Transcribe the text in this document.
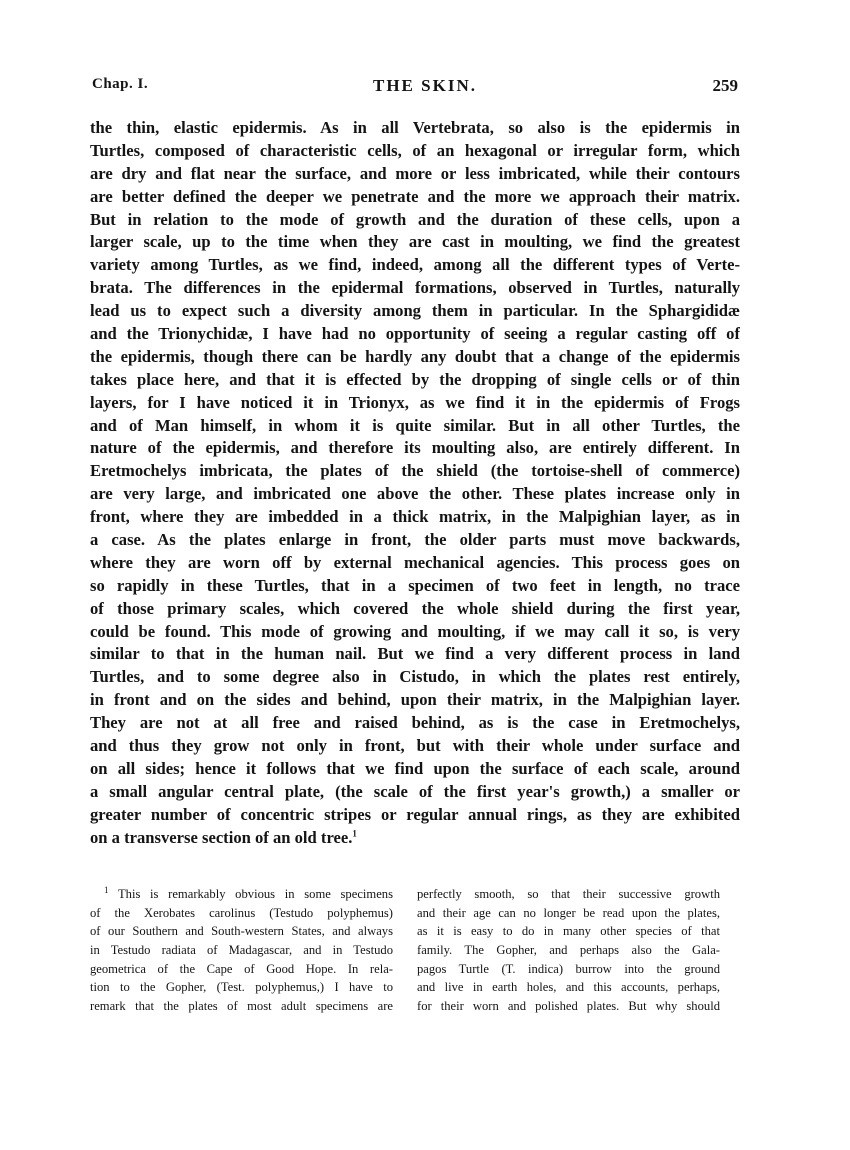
Chap. I.	THE SKIN.	259
the thin, elastic epidermis. As in all Vertebrata, so also is the epidermis in
Turtles, composed of characteristic cells, of an hexagonal or irregular form, which
are dry and flat near the surface, and more or less imbricated, while their contours
are better defined the deeper we penetrate and the more we approach their matrix.
But in relation to the mode of growth and the duration of these cells, upon a
larger scale, up to the time when they are cast in moulting, we find the greatest
variety among Turtles, as we find, indeed, among all the different types of Verte-
brata. The differences in the epidermal formations, observed in Turtles, naturally
lead us to expect such a diversity among them in particular. In the Sphargididæ
and the Trionychidæ, I have had no opportunity of seeing a regular casting off of
the epidermis, though there can be hardly any doubt that a change of the epidermis
takes place here, and that it is effected by the dropping of single cells or of thin
layers, for I have noticed it in Trionyx, as we find it in the epidermis of Frogs
and of Man himself, in whom it is quite similar. But in all other Turtles, the
nature of the epidermis, and therefore its moulting also, are entirely different. In
Eretmochelys imbricata, the plates of the shield (the tortoise-shell of commerce)
are very large, and imbricated one above the other. These plates increase only in
front, where they are imbedded in a thick matrix, in the Malpighian layer, as in
a case. As the plates enlarge in front, the older parts must move backwards,
where they are worn off by external mechanical agencies. This process goes on
so rapidly in these Turtles, that in a specimen of two feet in length, no trace
of those primary scales, which covered the whole shield during the first year,
could be found. This mode of growing and moulting, if we may call it so, is very
similar to that in the human nail. But we find a very different process in land
Turtles, and to some degree also in Cistudo, in which the plates rest entirely,
in front and on the sides and behind, upon their matrix, in the Malpighian layer.
They are not at all free and raised behind, as is the case in Eretmochelys,
and thus they grow not only in front, but with their whole under surface and
on all sides; hence it follows that we find upon the surface of each scale, around
a small angular central plate, (the scale of the first year's growth,) a smaller or
greater number of concentric stripes or regular annual rings, as they are exhibited
on a transverse section of an old tree.$^1$
$^1$ This is remarkably obvious in some specimens
of the Xerobates carolinus (Testudo polyphemus)
of our Southern and South-western States, and always
in Testudo radiata of Madagascar, and in Testudo
geometrica of the Cape of Good Hope. In rela-
tion to the Gopher, (Test. polyphemus,) I have to
remark that the plates of most adult specimens are
perfectly smooth, so that their successive growth
and their age can no longer be read upon the plates,
as it is easy to do in many other species of that
family. The Gopher, and perhaps also the Gala-
pagos Turtle (T. indica) burrow into the ground
and live in earth holes, and this accounts, perhaps,
for their worn and polished plates. But why should
